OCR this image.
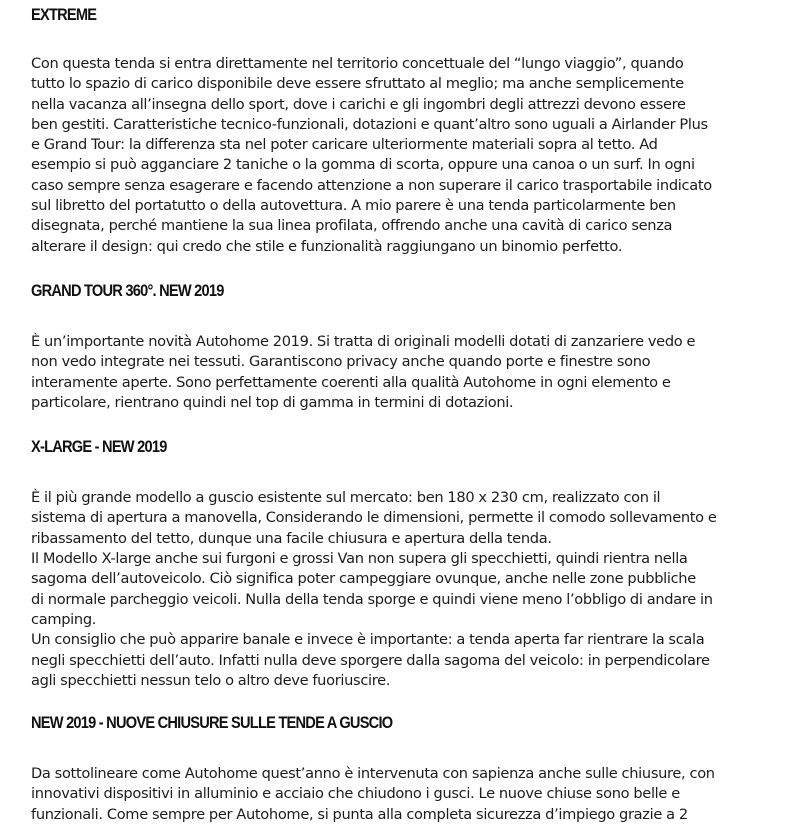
EXTREME
Con questa tenda si entra direttamente nel territorio concettuale del “lungo viaggio”, quando
tutto lo spazio di carico disponibile deve essere sfruttato al meglio; ma anche semplicemente
nella vacanza all’insegna dello sport, dove i carichi e gli ingombri degli attrezzi devono essere
ben gestiti. Caratteristiche tecnico-funzionali, dotazioni e quant’altro sono uguali a Airlander Plus
e Grand Tour: la differenza sta nel poter caricare ulteriormente materiali sopra al tetto. Ad
esempio si può agganciare 2 taniche o la gomma di scorta, oppure una canoa o un surf. In ogni
caso sempre senza esagerare e facendo attenzione a non superare il carico trasportabile indicato
sul libretto del portatutto o della autovettura. A mio parere è una tenda particolarmente ben
disegnata, perché mantiene la sua linea profilata, offrendo anche una cavità di carico senza
alterare il design: qui credo che stile e funzionalità raggiungano un binomio perfetto.
GRAND TOUR 360°. NEW 2019
È un’importante novità Autohome 2019. Si tratta di originali modelli dotati di zanzariere vedo e
non vedo integrate nei tessuti. Garantiscono privacy anche quando porte e finestre sono
interamente aperte. Sono perfettamente coerenti alla qualità Autohome in ogni elemento e
particolare, rientrano quindi nel top di gamma in termini di dotazioni.
X-LARGE - NEW 2019
È il più grande modello a guscio esistente sul mercato: ben 180 x 230 cm, realizzato con il
sistema di apertura a manovella, Considerando le dimensioni, permette il comodo sollevamento e
ribassamento del tetto, dunque una facile chiusura e apertura della tenda.
Il Modello X-large anche sui furgoni e grossi Van non supera gli specchietti, quindi rientra nella
sagoma dell’autoveicolo. Ciò significa poter campeggiare ovunque, anche nelle zone pubbliche
di normale parcheggio veicoli. Nulla della tenda sporge e quindi viene meno l’obbligo di andare in
camping.
Un consiglio che può apparire banale e invece è importante: a tenda aperta far rientrare la scala
negli specchietti dell’auto. Infatti nulla deve sporgere dalla sagoma del veicolo: in perpendicolare
agli specchietti nessun telo o altro deve fuoriuscire.
NEW 2019 - NUOVE CHIUSURE SULLE TENDE A GUSCIO
Da sottolineare come Autohome quest’anno è intervenuta con sapienza anche sulle chiusure, con
innovativi dispositivi in alluminio e acciaio che chiudono i gusci. Le nuove chiuse sono belle e
funzionali. Come sempre per Autohome, si punta alla completa sicurezza d’impiego grazie a 2
